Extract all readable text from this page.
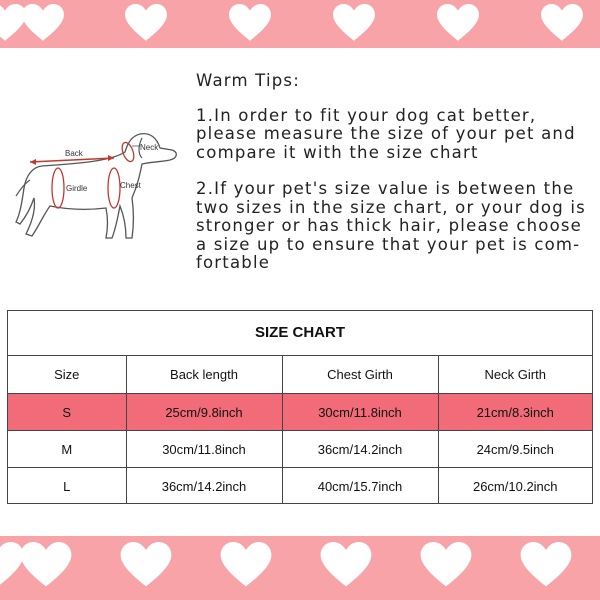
Back
Neck
Girdle	Chest
Warm Tips:

1.In order to fit your dog cat better, please measure the size of your pet and compare it with the size chart

2.If your pet's size value is between the two sizes in the size chart, or your dog is stronger or has thick hair, please choose a size up to ensure that your pet is com-fortable

SIZE CHART
Size	Back length	Chest Girth	Neck Girth
S	25cm/9.8inch	30cm/11.8inch	21cm/8.3inch
M	30cm/11.8inch	36cm/14.2inch	24cm/9.5inch
L	36cm/14.2inch	40cm/15.7inch	26cm/10.2inch
